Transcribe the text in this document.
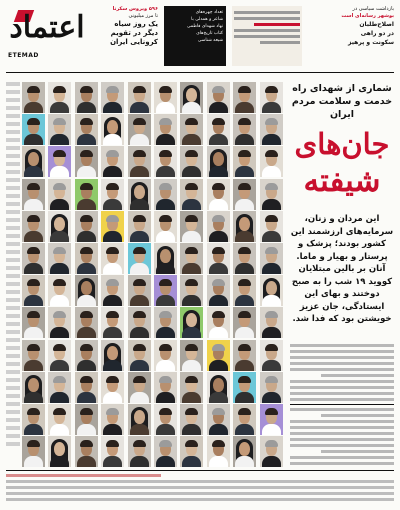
اعتماد
ETEMAD
۵۹۶ ویروس سکرتا
تا مرز میلیونی
یک روز سیاه
دیگر در تقویم
کرونایی ایران
تعداد چهره‌های
شاعر و همدلی با
نهاد شهدای فاطمی
کتاب تاریخ‌های
شیعه شناسی
بازداشت سیاسی در
بوشهر رسانه‌ای است
اصلاح‌طلبان
در دو راهی
سکونت و پرهیز
شماری از شهدای راه خدمت و سلامت مردم ایران
جان‌های
شیفته
این مردان و زنان، سرمایه‌های ارزشمند این کشور بودند؛ پزشک و پرستار و بهیار و ماما. آنان بر بالین مبتلایان کووید ۱۹ شب را به صبح دوختند و بهای این ایستادگی، جان عزیز خویشتن بود که فدا شد.
